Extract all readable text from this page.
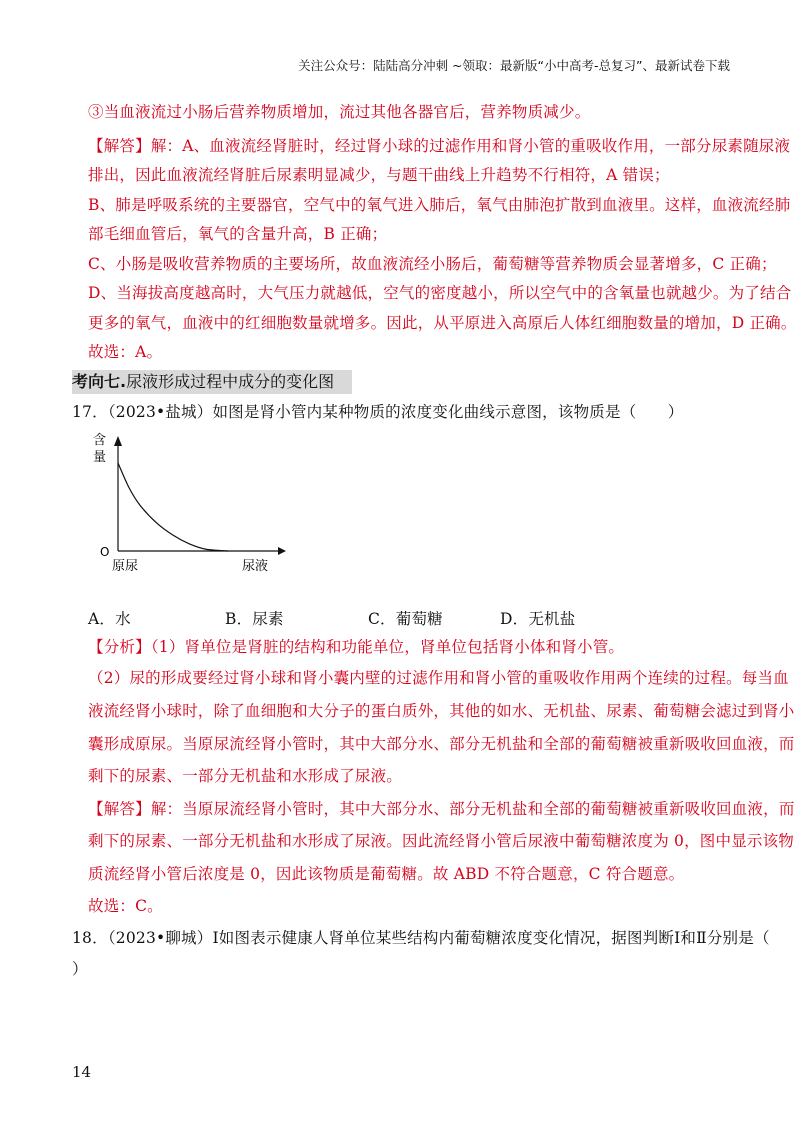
关注公众号：陆陆高分冲刺 ~领取：最新版“小中高考-总复习”、最新试卷下载
③当血液流过小肠后营养物质增加，流过其他各器官后，营养物质减少。
【解答】解：A、血液流经肾脏时，经过肾小球的过滤作用和肾小管的重吸收作用，一部分尿素随尿液
排出，因此血液流经肾脏后尿素明显减少，与题干曲线上升趋势不行相符，A 错误；
B、肺是呼吸系统的主要器官，空气中的氧气进入肺后，氧气由肺泡扩散到血液里。这样，血液流经肺
部毛细血管后，氧气的含量升高，B 正确；
C、小肠是吸收营养物质的主要场所，故血液流经小肠后，葡萄糖等营养物质会显著增多，C 正确；
D、当海拔高度越高时，大气压力就越低，空气的密度越小，所以空气中的含氧量也就越少。为了结合
更多的氧气，血液中的红细胞数量就增多。因此，从平原进入高原后人体红细胞数量的增加，D 正确。
故选：A。
考向七.尿液形成过程中成分的变化图
17．（2023•盐城）如图是肾小管内某种物质的浓度变化曲线示意图，该物质是（　　）
含
量
O
原尿	尿液
A．水	B．尿素	C．葡萄糖	D．无机盐
【分析】（1）肾单位是肾脏的结构和功能单位，肾单位包括肾小体和肾小管。
（2）尿的形成要经过肾小球和肾小囊内壁的过滤作用和肾小管的重吸收作用两个连续的过程。每当血
液流经肾小球时，除了血细胞和大分子的蛋白质外，其他的如水、无机盐、尿素、葡萄糖会滤过到肾小
囊形成原尿。当原尿流经肾小管时，其中大部分水、部分无机盐和全部的葡萄糖被重新吸收回血液，而
剩下的尿素、一部分无机盐和水形成了尿液。
【解答】解：当原尿流经肾小管时，其中大部分水、部分无机盐和全部的葡萄糖被重新吸收回血液，而
剩下的尿素、一部分无机盐和水形成了尿液。因此流经肾小管后尿液中葡萄糖浓度为 0，图中显示该物
质流经肾小管后浓度是 0，因此该物质是葡萄糖。故 ABD 不符合题意，C 符合题意。
故选：C。
18．（2023•聊城）Ⅰ如图表示健康人肾单位某些结构内葡萄糖浓度变化情况，据图判断Ⅰ和Ⅱ分别是（
）
14
